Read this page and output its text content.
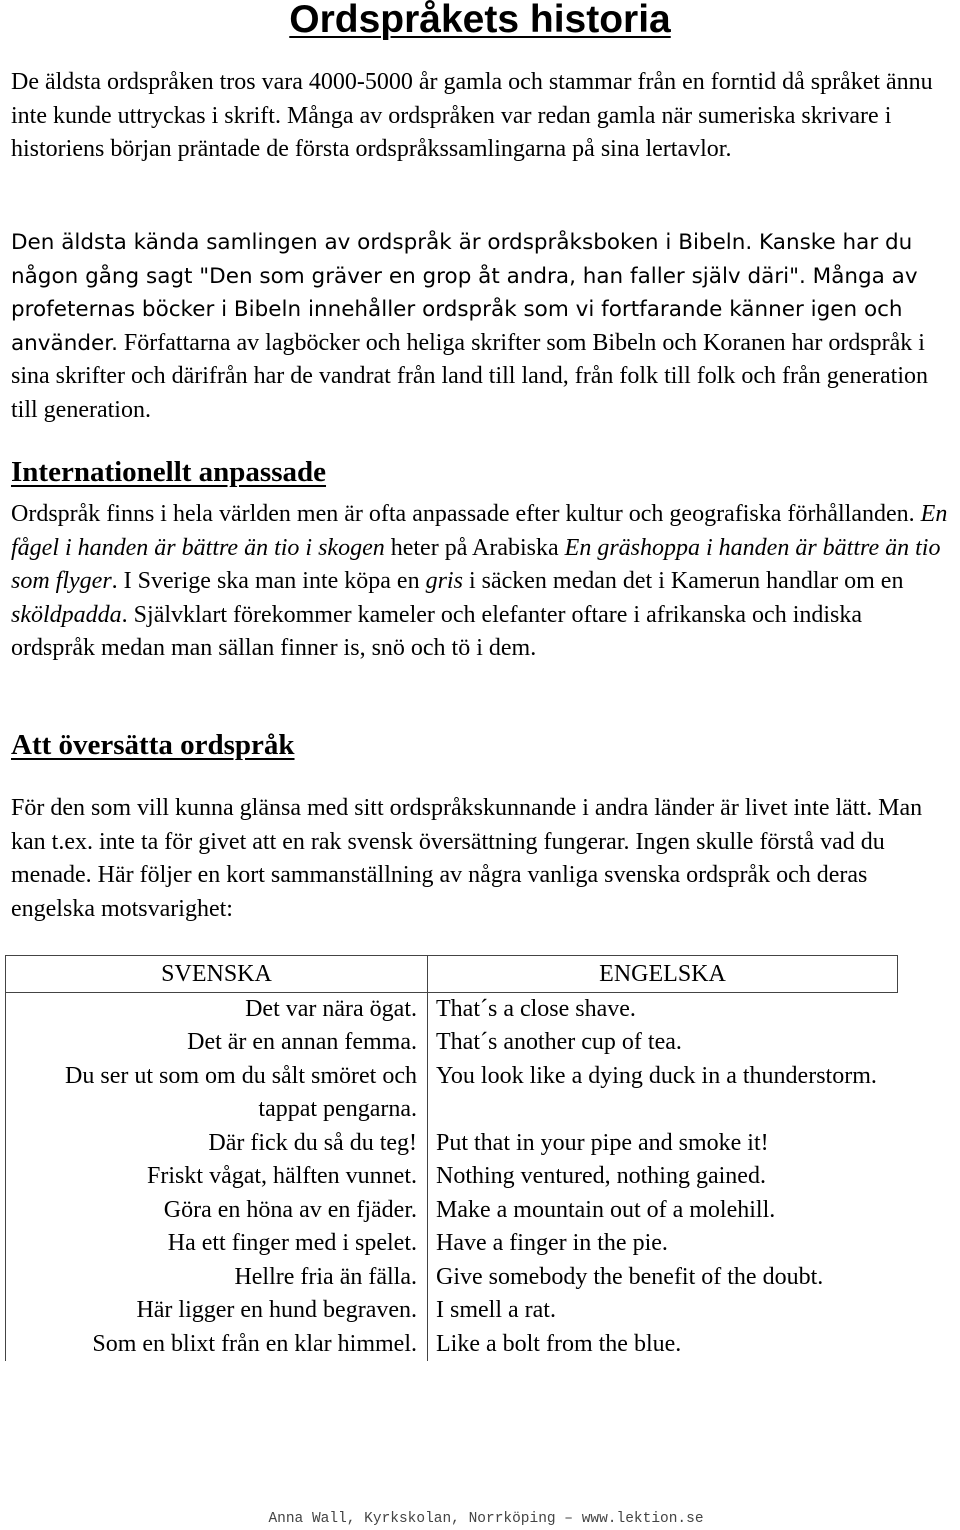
Ordspråkets historia

De äldsta ordspråken tros vara 4000-5000 år gamla och stammar från en forntid då språket ännu inte kunde uttryckas i skrift. Många av ordspråken var redan gamla när sumeriska skrivare i historiens början präntade de första ordspråkssamlingarna på sina lertavlor.

Den äldsta kända samlingen av ordspråk är ordspråksboken i Bibeln. Kanske har du någon gång sagt "Den som gräver en grop åt andra, han faller själv däri". Många av profeternas böcker i Bibeln innehåller ordspråk som vi fortfarande känner igen och använder. Författarna av lagböcker och heliga skrifter som Bibeln och Koranen har ordspråk i sina skrifter och därifrån har de vandrat från land till land, från folk till folk och från generation till generation.

Internationellt anpassade

Ordspråk finns i hela världen men är ofta anpassade efter kultur och geografiska förhållanden. En fågel i handen är bättre än tio i skogen heter på Arabiska En gräshoppa i handen är bättre än tio som flyger. I Sverige ska man inte köpa en gris i säcken medan det i Kamerun handlar om en sköldpadda. Självklart förekommer kameler och elefanter oftare i afrikanska och indiska ordspråk medan man sällan finner is, snö och tö i dem.

Att översätta ordspråk

För den som vill kunna glänsa med sitt ordspråkskunnande i andra länder är livet inte lätt. Man kan t.ex. inte ta för givet att en rak svensk översättning fungerar. Ingen skulle förstå vad du menade. Här följer en kort sammanställning av några vanliga svenska ordspråk och deras engelska motsvarighet:

SVENSKA	ENGELSKA
Det var nära ögat.	That´s a close shave.
Det är en annan femma.	That´s another cup of tea.
Du ser ut som om du sålt smöret och tappat pengarna.	You look like a dying duck in a thunderstorm.
Där fick du så du teg!	Put that in your pipe and smoke it!
Friskt vågat, hälften vunnet.	Nothing ventured, nothing gained.
Göra en höna av en fjäder.	Make a mountain out of a molehill.
Ha ett finger med i spelet.	Have a finger in the pie.
Hellre fria än fälla.	Give somebody the benefit of the doubt.
Här ligger en hund begraven.	I smell a rat.
Som en blixt från en klar himmel.	Like a bolt from the blue.

Anna Wall, Kyrkskolan, Norrköping – www.lektion.se
